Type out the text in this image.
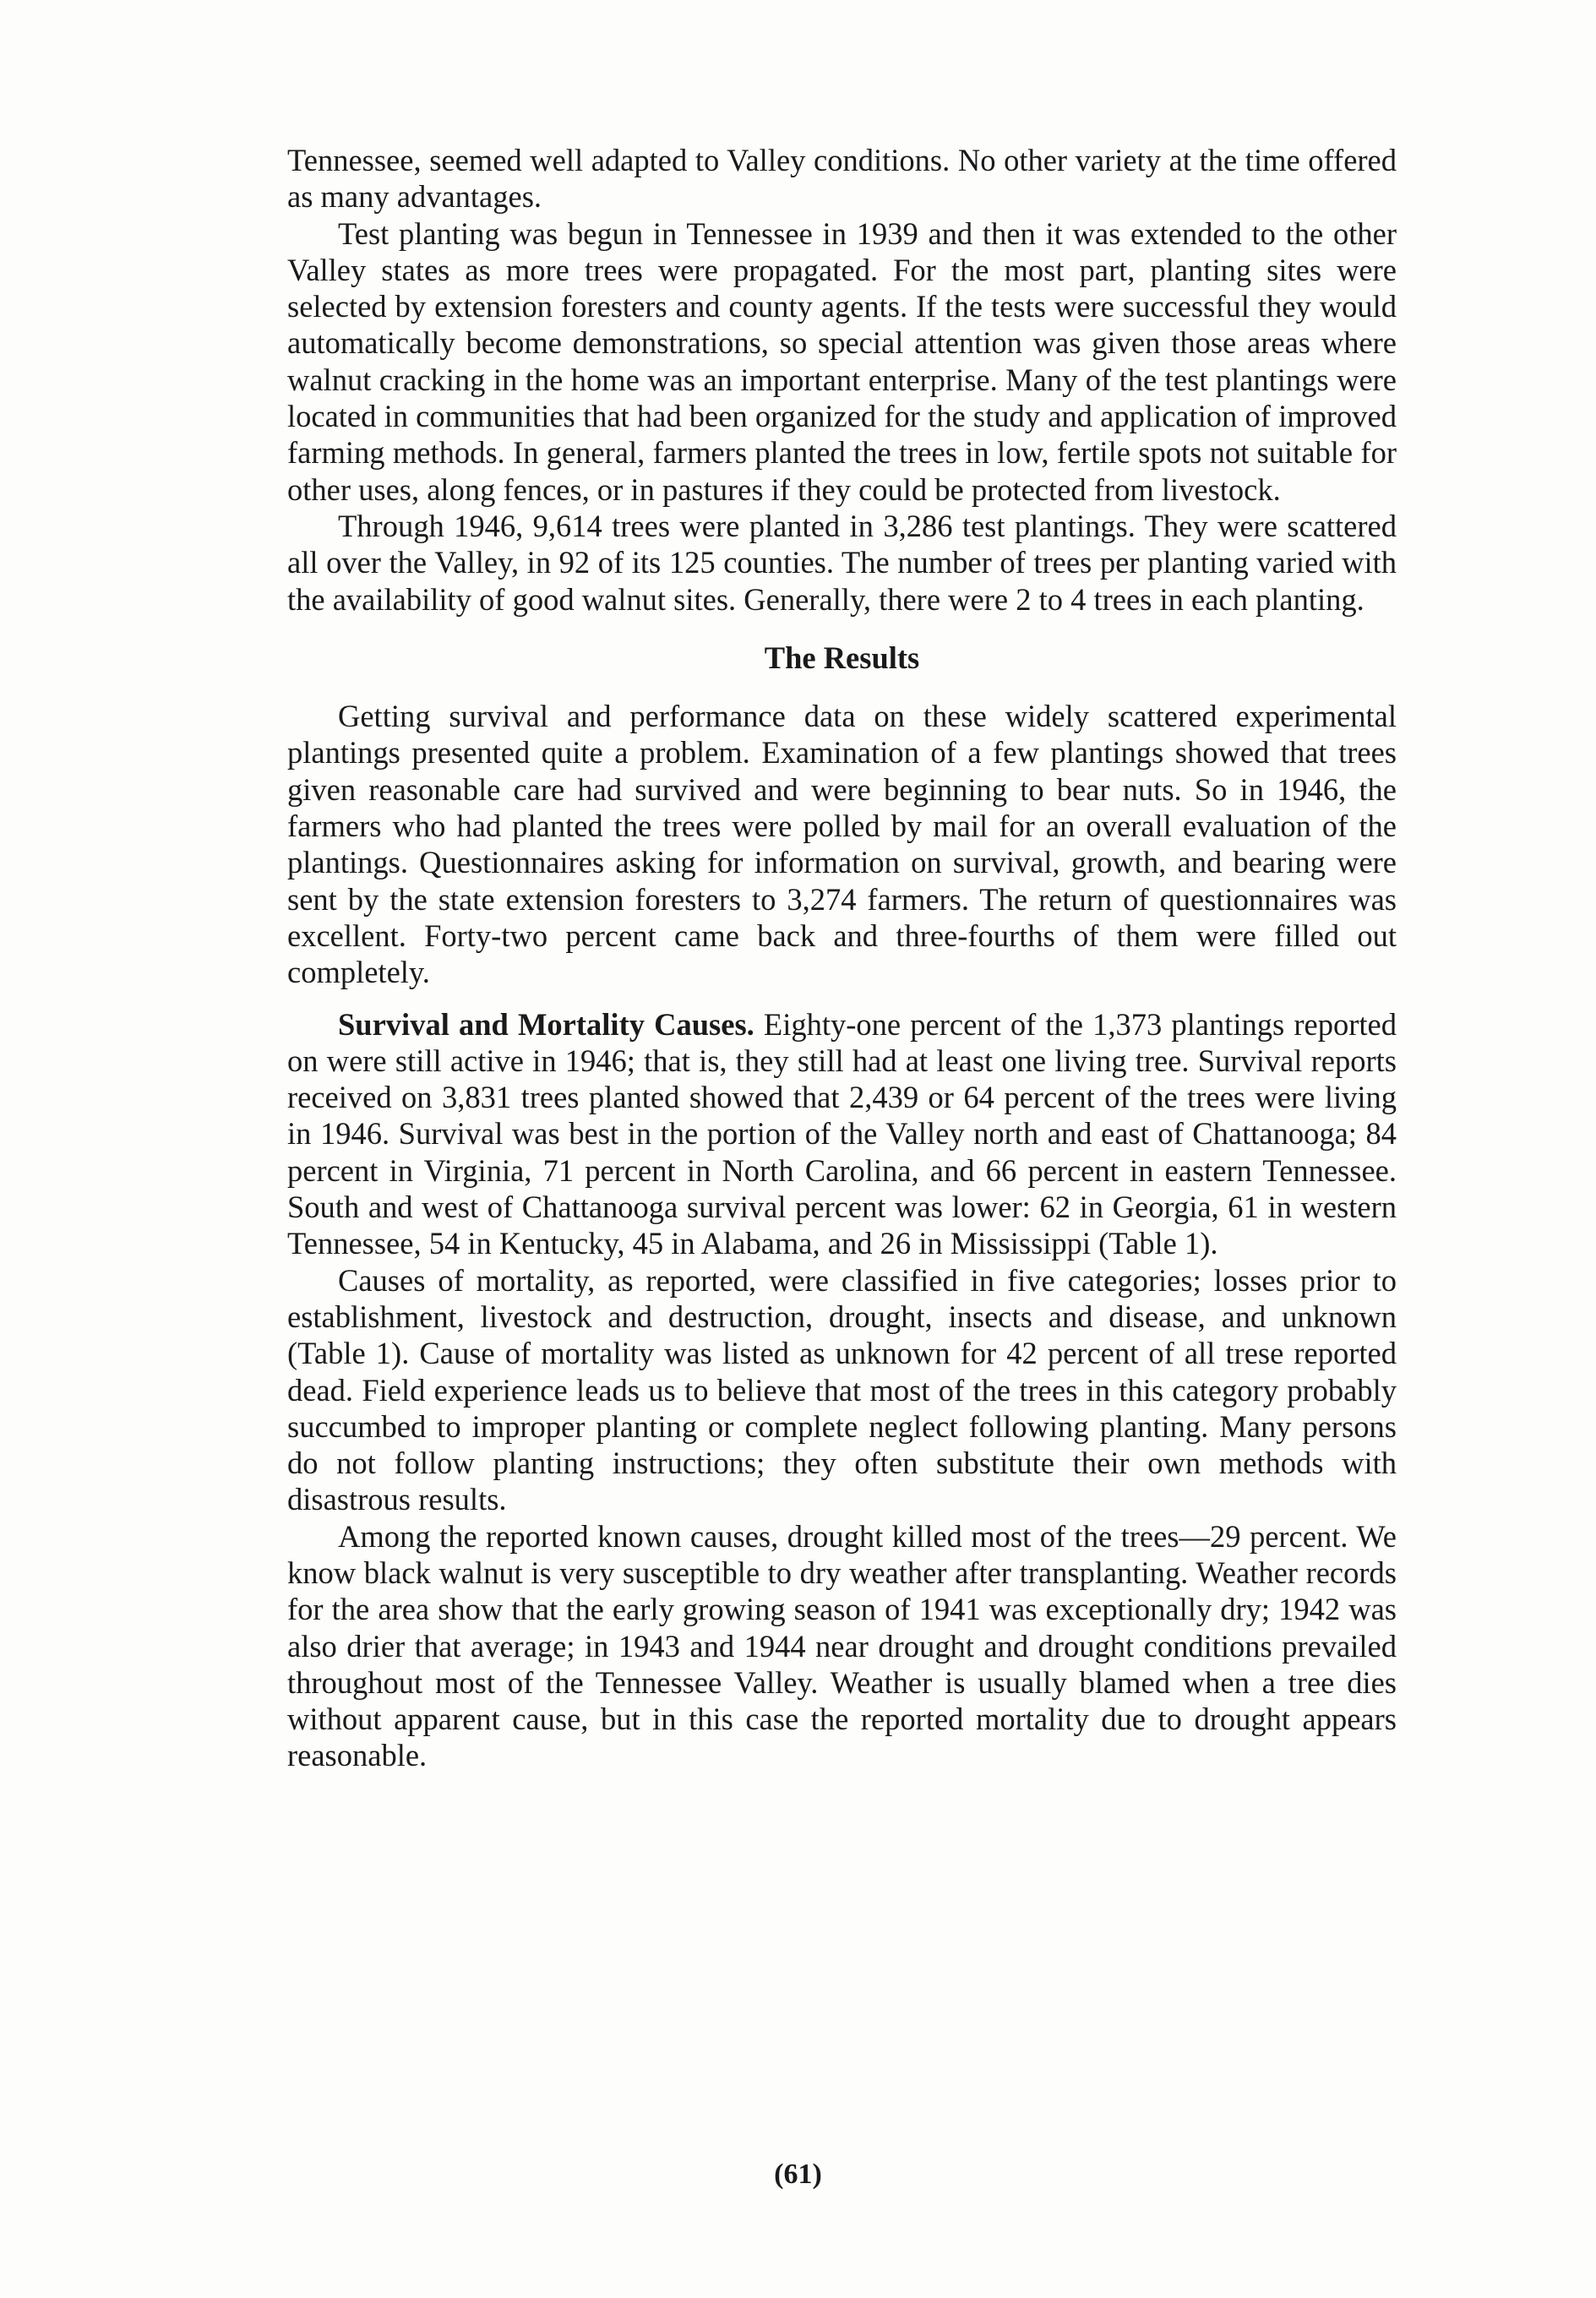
Tennessee, seemed well adapted to Valley conditions. No other variety at the time offered as many advantages.

Test planting was begun in Tennessee in 1939 and then it was extended to the other Valley states as more trees were propagated. For the most part, planting sites were selected by extension foresters and county agents. If the tests were successful they would automatically become demonstrations, so special attention was given those areas where walnut cracking in the home was an important enterprise. Many of the test plantings were located in communities that had been organized for the study and application of improved farming methods. In general, farmers planted the trees in low, fertile spots not suitable for other uses, along fences, or in pastures if they could be protected from livestock.

Through 1946, 9,614 trees were planted in 3,286 test plantings. They were scattered all over the Valley, in 92 of its 125 counties. The number of trees per planting varied with the availability of good walnut sites. Generally, there were 2 to 4 trees in each planting.

The Results

Getting survival and performance data on these widely scattered experimental plantings presented quite a problem. Examination of a few plantings showed that trees given reasonable care had survived and were beginning to bear nuts. So in 1946, the farmers who had planted the trees were polled by mail for an overall evaluation of the plantings. Questionnaires asking for information on survival, growth, and bearing were sent by the state extension foresters to 3,274 farmers. The return of questionnaires was excellent. Forty-two percent came back and three-fourths of them were filled out completely.

Survival and Mortality Causes. Eighty-one percent of the 1,373 plantings reported on were still active in 1946; that is, they still had at least one living tree. Survival reports received on 3,831 trees planted showed that 2,439 or 64 percent of the trees were living in 1946. Survival was best in the portion of the Valley north and east of Chattanooga; 84 percent in Virginia, 71 percent in North Carolina, and 66 percent in eastern Tennessee. South and west of Chattanooga survival percent was lower: 62 in Georgia, 61 in western Tennessee, 54 in Kentucky, 45 in Alabama, and 26 in Mississippi (Table 1).

Causes of mortality, as reported, were classified in five categories; losses prior to establishment, livestock and destruction, drought, insects and disease, and unknown (Table 1). Cause of mortality was listed as unknown for 42 percent of all trese reported dead. Field experience leads us to believe that most of the trees in this category probably succumbed to improper planting or complete neglect following planting. Many persons do not follow planting instructions; they often substitute their own methods with disastrous results.

Among the reported known causes, drought killed most of the trees—29 percent. We know black walnut is very susceptible to dry weather after transplanting. Weather records for the area show that the early growing season of 1941 was exceptionally dry; 1942 was also drier that average; in 1943 and 1944 near drought and drought conditions prevailed throughout most of the Tennessee Valley. Weather is usually blamed when a tree dies without apparent cause, but in this case the reported mortality due to drought appears reasonable.

(61)
